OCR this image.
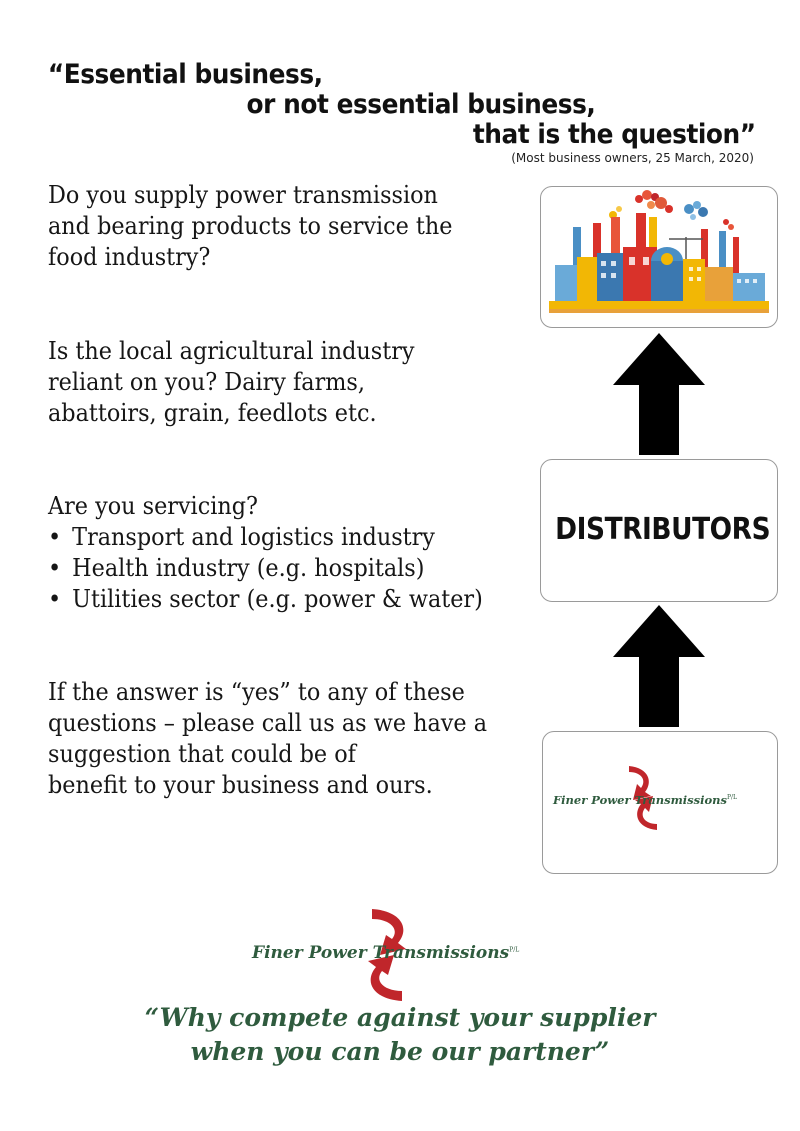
“Essential business,
or not essential business,
that is the question”
(Most business owners, 25 March, 2020)

Do you supply power transmission
and bearing products to service the
food industry?

Is the local agricultural industry
reliant on you? Dairy farms,
abattoirs, grain, feedlots etc.

Are you servicing?
• Transport and logistics industry
• Health industry (e.g. hospitals)
• Utilities sector (e.g. power & water)

If the answer is “yes” to any of these
questions – please call us as we have a
suggestion that could be of
benefit to your business and ours.

DISTRIBUTORS
Finer Power Transmissions$^{P/L}$
Finer Power Transmissions$^{P/L}$
“Why compete against your supplier
when you can be our partner”
